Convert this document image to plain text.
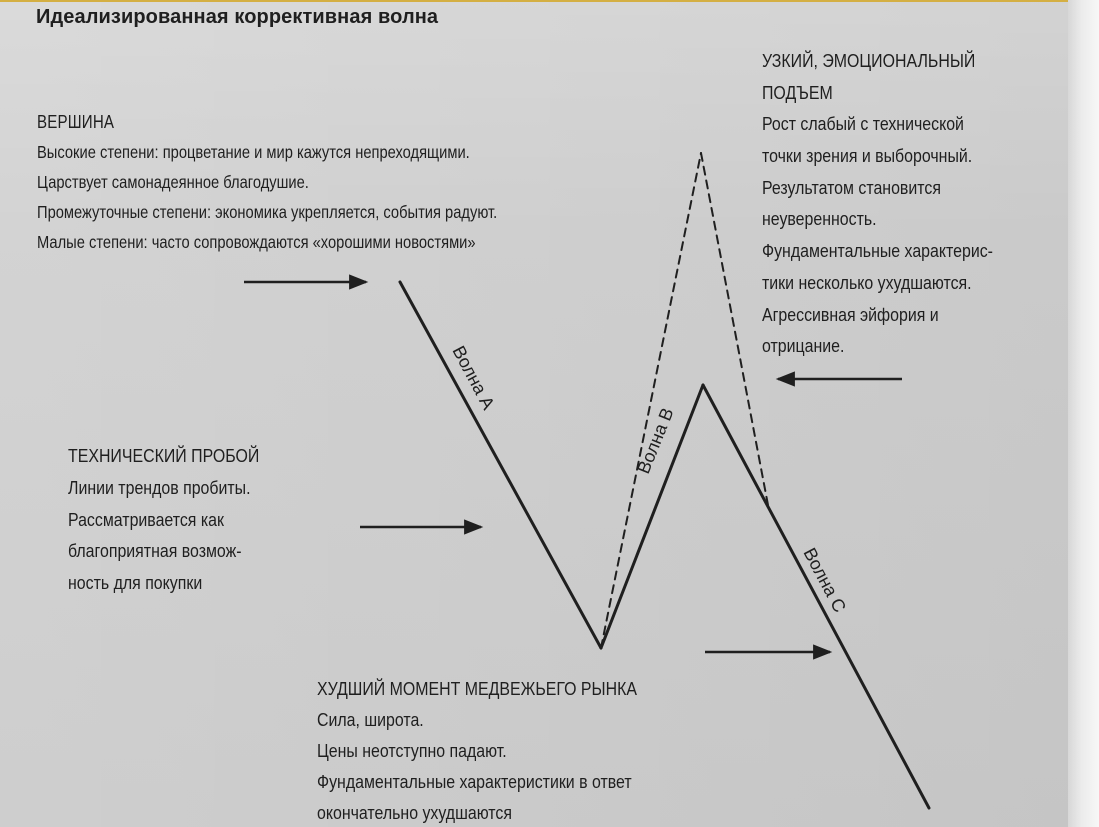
Идеализированная коррективная волна
ВЕРШИНА
Высокие степени: процветание и мир кажутся непреходящими.
Царствует самонадеянное благодушие.
Промежуточные степени: экономика укрепляется, события радуют.
Малые степени: часто сопровождаются «хорошими новостями»
УЗКИЙ, ЭМОЦИОНАЛЬНЫЙ
ПОДЪЕМ
Рост слабый с технической
точки зрения и выборочный.
Результатом становится
неуверенность.
Фундаментальные характерис-
тики несколько ухудшаются.
Агрессивная эйфория и
отрицание.
ТЕХНИЧЕСКИЙ ПРОБОЙ
Линии трендов пробиты.
Рассматривается как
благоприятная возмож-
ность для покупки
ХУДШИЙ МОМЕНТ МЕДВЕЖЬЕГО РЫНКА
Сила, широта.
Цены неотступно падают.
Фундаментальные характеристики в ответ
окончательно ухудшаются
Волна А
Волна В
Волна С
